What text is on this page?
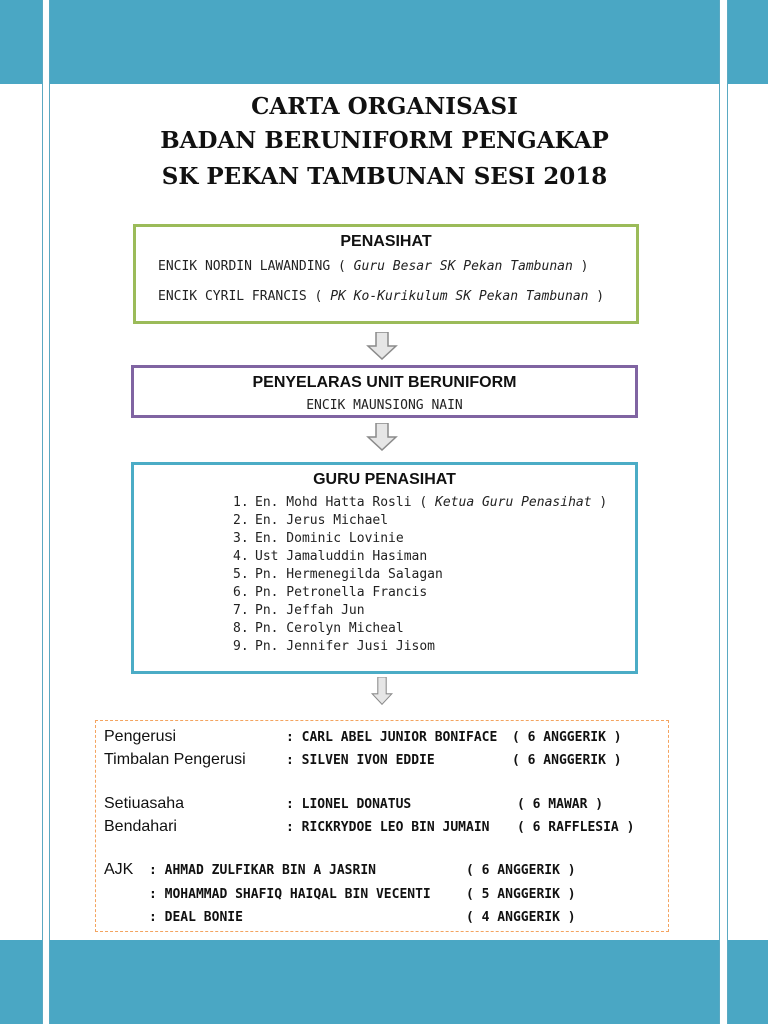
CARTA ORGANISASI
BADAN BERUNIFORM PENGAKAP
SK PEKAN TAMBUNAN SESI 2018
PENASIHAT
ENCIK NORDIN LAWANDING ( Guru Besar SK Pekan Tambunan )
ENCIK CYRIL FRANCIS ( PK Ko-Kurikulum SK Pekan Tambunan )
PENYELARAS UNIT BERUNIFORM
ENCIK MAUNSIONG NAIN
GURU PENASIHAT
1. En. Mohd Hatta Rosli ( Ketua Guru Penasihat )
2. En. Jerus Michael
3. En. Dominic Lovinie
4. Ust Jamaluddin Hasiman
5. Pn. Hermenegilda Salagan
6. Pn. Petronella Francis
7. Pn. Jeffah Jun
8. Pn. Cerolyn Micheal
9. Pn. Jennifer Jusi Jisom
Pengerusi	: CARL ABEL JUNIOR BONIFACE ( 6 ANGGERIK )
Timbalan Pengerusi	: SILVEN IVON EDDIE	( 6 ANGGERIK )
Setiuasaha	: LIONEL DONATUS	( 6 MAWAR )
Bendahari	: RICKRYDOE LEO BIN JUMAIN ( 6 RAFFLESIA )
AJK : AHMAD ZULFIKAR BIN A JASRIN	( 6 ANGGERIK )
: MOHAMMAD SHAFIQ HAIQAL BIN VECENTI	( 5 ANGGERIK )
: DEAL BONIE	( 4 ANGGERIK )
